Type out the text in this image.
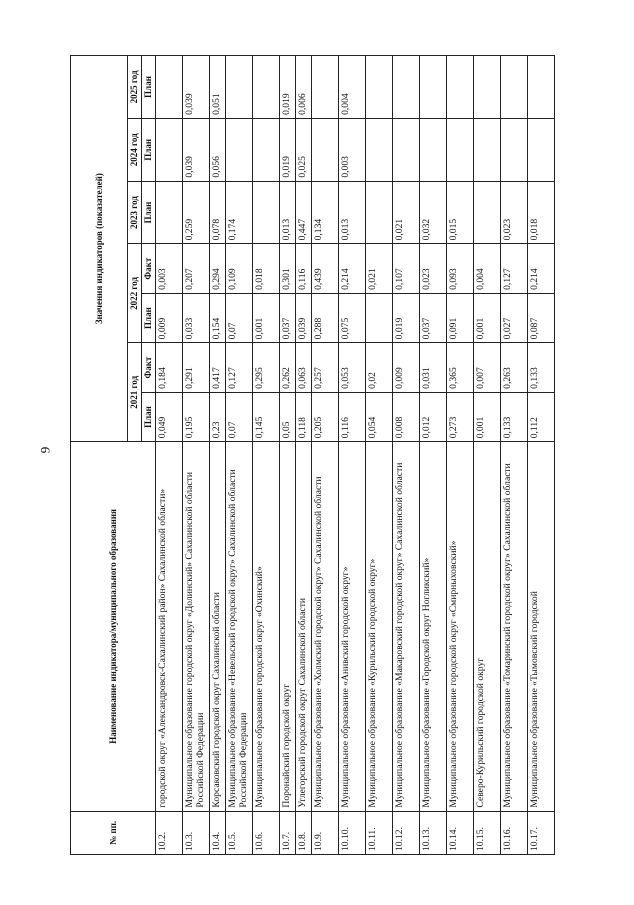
9
№ пп.	Наименование индикатора/муниципального образования	Значения индикаторов (показателей)						
		2021 год		2022 год		2023 год	2024 год	2025 год

		План	Факт	План	Факт	План	План	План
10.2.	городской округ «Александровск-Сахалинский район» Сахалинской области»	0,049	0,184	0,009	0,003			
10.3.	Муниципальное образование городской округ «Долинский» Сахалинской области Российской Федерации	0,195	0,291	0,033	0,207	0,259	0,039	0,039
10.4.	Корсаковский городской округ Сахалинской области	0,23	0,417	0,154	0,294	0,078	0,056	0,051
10.5.	Муниципальное образование «Невельский городской округ» Сахалинской области Российской Федерации	0,07	0,127	0,07	0,109	0,174		
10.6.	Муниципальное образование городской округ «Охинский»	0,145	0,295	0,001	0,018			
10.7.	Поронайский городской округ	0,05	0,262	0,037	0,301	0,013	0,019	0,019
10.8.	Углегорский городской округ Сахалинской области	0,118	0,063	0,039	0,116	0,447	0,025	0,006
10.9.	Муниципальное образование «Холмский городской округ» Сахалинской области	0,205	0,257	0,288	0,439	0,134		
10.10.	Муниципальное образование «Анивский городской округ»	0,116	0,053	0,075	0,214	0,013	0,003	0,004
10.11.	Муниципальное образование «Курильский городской округ»	0,054	0,02		0,021			
10.12.	Муниципальное образование «Макаровский городской округ» Сахалинской области	0,008	0,009	0,019	0,107	0,021		
10.13.	Муниципальное образование «Городской округ Ногликский»	0,012	0,031	0,037	0,023	0,032		
10.14.	Муниципальное образование городской округ «Смирныховский»	0,273	0,365	0,091	0,093	0,015		
10.15.	Северо-Курильский городской округ	0,001	0,007	0,001	0,004			
10.16.	Муниципальное образование «Томаринский городской округ» Сахалинской области	0,133	0,263	0,027	0,127	0,023		
10.17.	Муниципальное образование «Тымовский городской	0,112	0,133	0,087	0,214	0,018		
